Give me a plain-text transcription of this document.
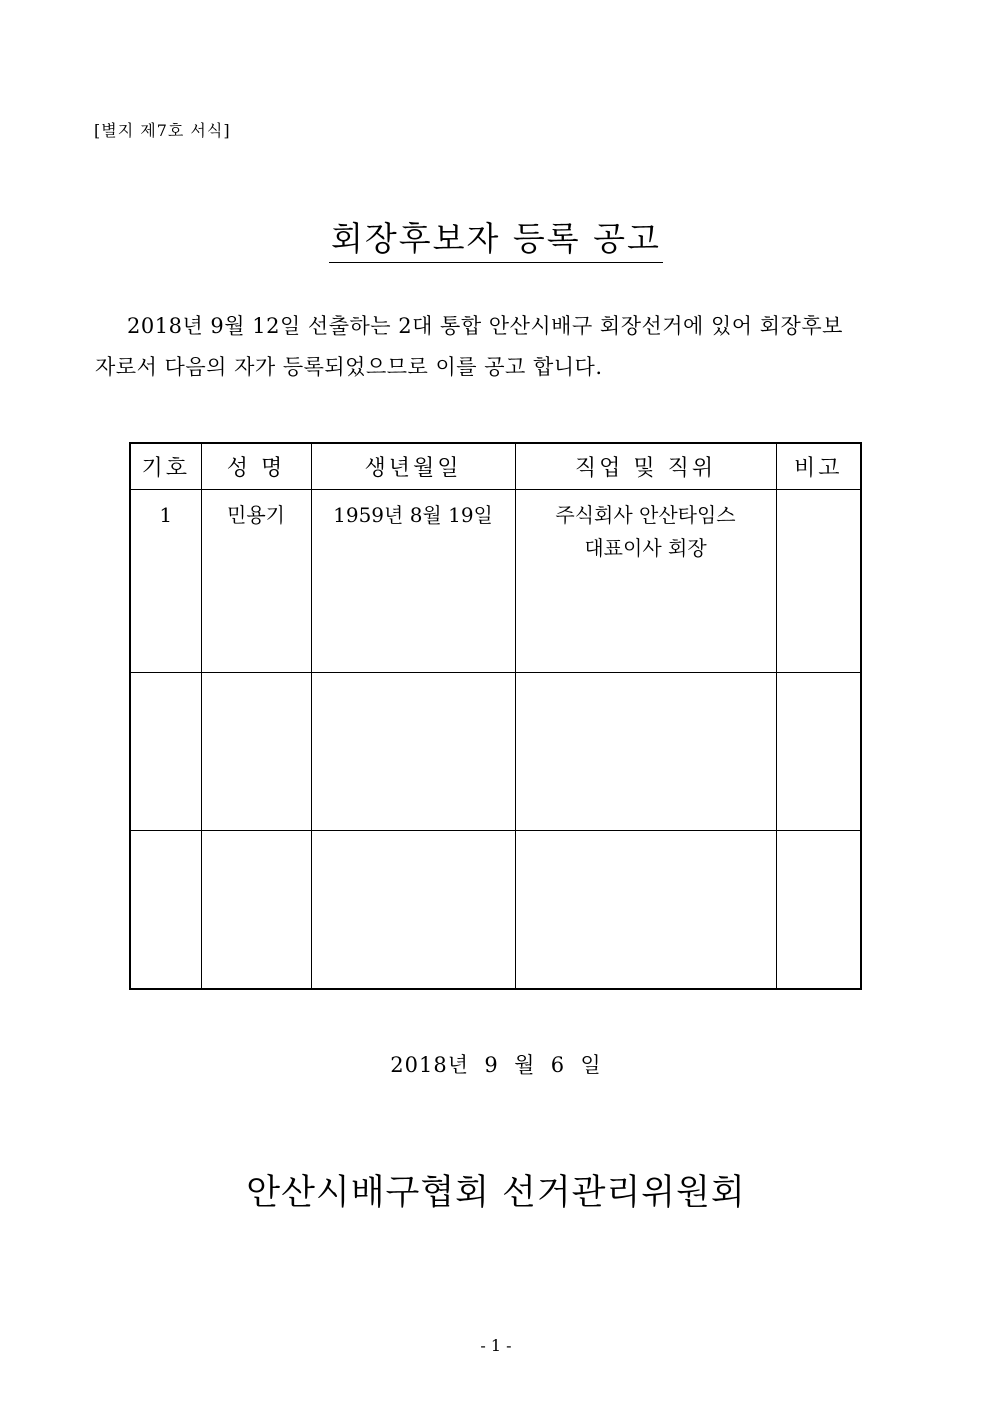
[별지 제7호 서식]
회장후보자 등록 공고

2018년 9월 12일 선출하는 2대 통합 안산시배구 회장선거에 있어 회장후보
자로서 다음의 자가 등록되었으므로 이를 공고 합니다.

기호	성 명	생년월일	직업 및 직위	비고
1	민용기	1959년 8월 19일	주식회사 안산타임스
대표이사 회장	

2018년  9  월  6  일
안산시배구협회 선거관리위원회
- 1 -
